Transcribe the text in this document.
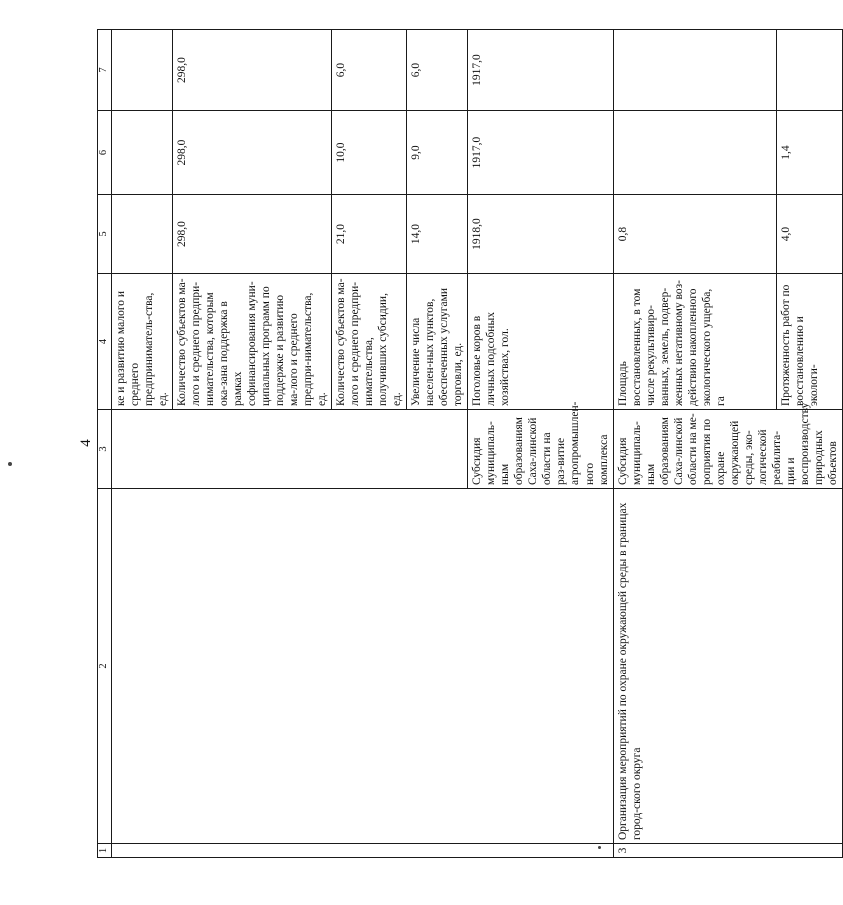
4
1	2	3	4	5	6	7
			ке и развитию малого и среднего предприниматель-ства, ед.			
			Количество субъектов ма-лого и среднего предпри-нимательства, которым ока-зана поддержка в рамках софинансирования муни-ципальных программ по поддержке и развитию ма-лого и среднего предпри-нимательства, ед.	298,0	298,0	298,0
			Количество субъектов ма-лого и среднего предпри-нимательства, получивших субсидии, ед.	21,0	10,0	6,0
			Увеличение числа населен-ных пунктов, обеспеченных услугами торговли, ед.	14,0	9,0	6,0
		Субсидия муниципаль-ным образованиям Саха-линской области на раз-витие агропромышлен-ного комплекса	Поголовье коров в личных подсобных хозяйствах, гол.	1918,0	1917,0	1917,0
3	Организация мероприятий по охране окружающей среды в границах город-ского округа	Субсидия муниципаль-ным образованиям Саха-линской области на ме-роприятия по охране окружающей среды, эко-логической реабилита-ции и воспроизводству природных объектов	Площадь восстановленных, в том числе рекультивиро-ванных, земель, подвер-женных негативному воз-действию накопленного экологического ущерба, га	0,8		
			Протяженность работ по восстановлению и экологи-	4,0	1,4	
